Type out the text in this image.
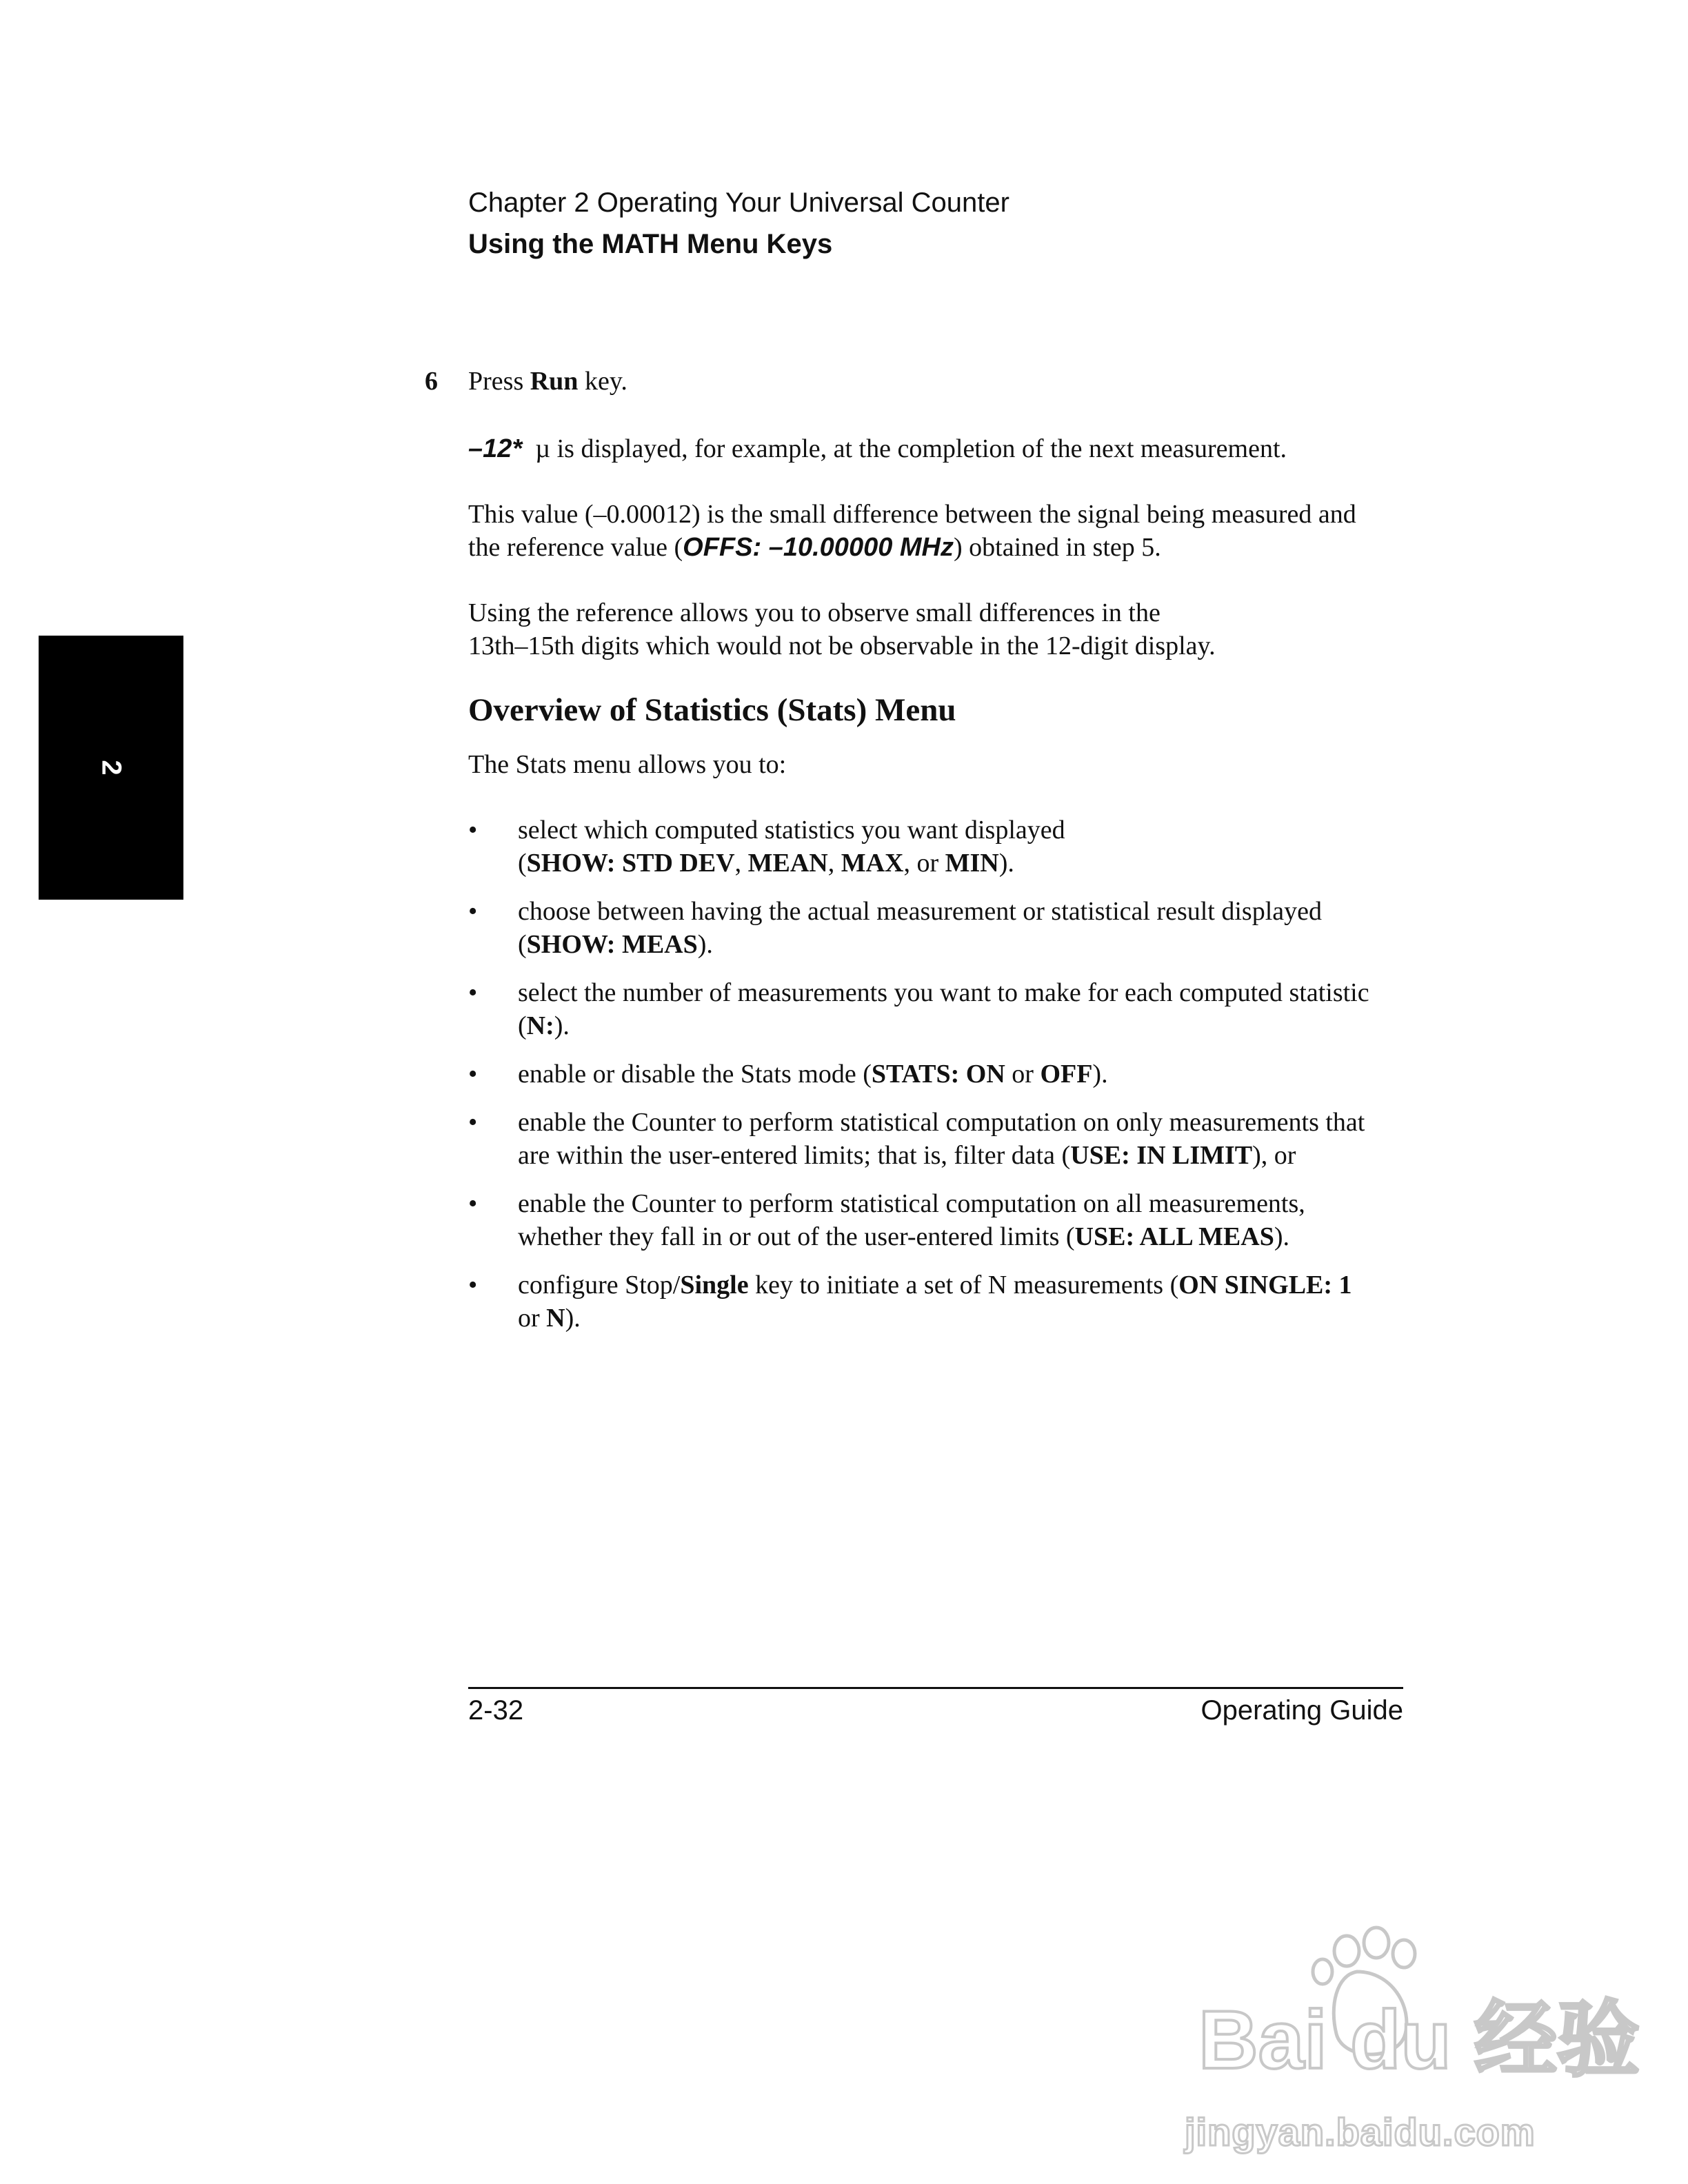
Chapter 2 Operating Your Universal Counter
Using the MATH Menu Keys
6 Press Run key.
–12* µ is displayed, for example, at the completion of the next measurement.
This value (–0.00012) is the small difference between the signal being measured and
the reference value (OFFS: –10.00000 MHz) obtained in step 5.
Using the reference allows you to observe small differences in the
13th–15th digits which would not be observable in the 12-digit display.
Overview of Statistics (Stats) Menu
The Stats menu allows you to:
• select which computed statistics you want displayed
(SHOW: STD DEV, MEAN, MAX, or MIN).
• choose between having the actual measurement or statistical result displayed
(SHOW: MEAS).
• select the number of measurements you want to make for each computed statistic
(N:).
• enable or disable the Stats mode (STATS: ON or OFF).
• enable the Counter to perform statistical computation on only measurements that
are within the user-entered limits; that is, filter data (USE: IN LIMIT), or
• enable the Counter to perform statistical computation on all measurements,
whether they fall in or out of the user-entered limits (USE: ALL MEAS).
• configure Stop/Single key to initiate a set of N measurements (ON SINGLE: 1
or N).
2
2-32	Operating Guide
Bai du 经验
jingyan.baidu.com
